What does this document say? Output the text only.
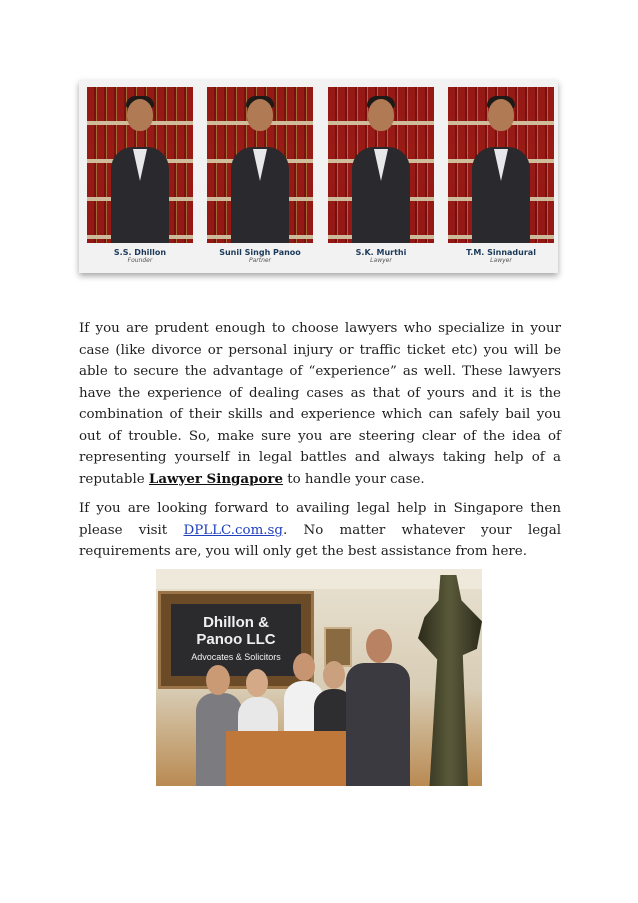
S.S. Dhillon
Founder
Sunil Singh Panoo
Partner
S.K. Murthi
Lawyer
T.M. Sinnadural
Lawyer

If you are prudent enough to choose lawyers who specialize in your case (like divorce or personal injury or traffic ticket etc) you will be able to secure the advantage of “experience” as well. These lawyers have the experience of dealing cases as that of yours and it is the combination of their skills and experience which can safely bail you out of trouble. So, make sure you are steering clear of the idea of representing yourself in legal battles and always taking help of a reputable Lawyer Singapore to handle your case.

If you are looking forward to availing legal help in Singapore then please visit DPLLC.com.sg. No matter whatever your legal requirements are, you will only get the best assistance from here.

Dhillon &
Panoo LLC
Advocates & Solicitors
